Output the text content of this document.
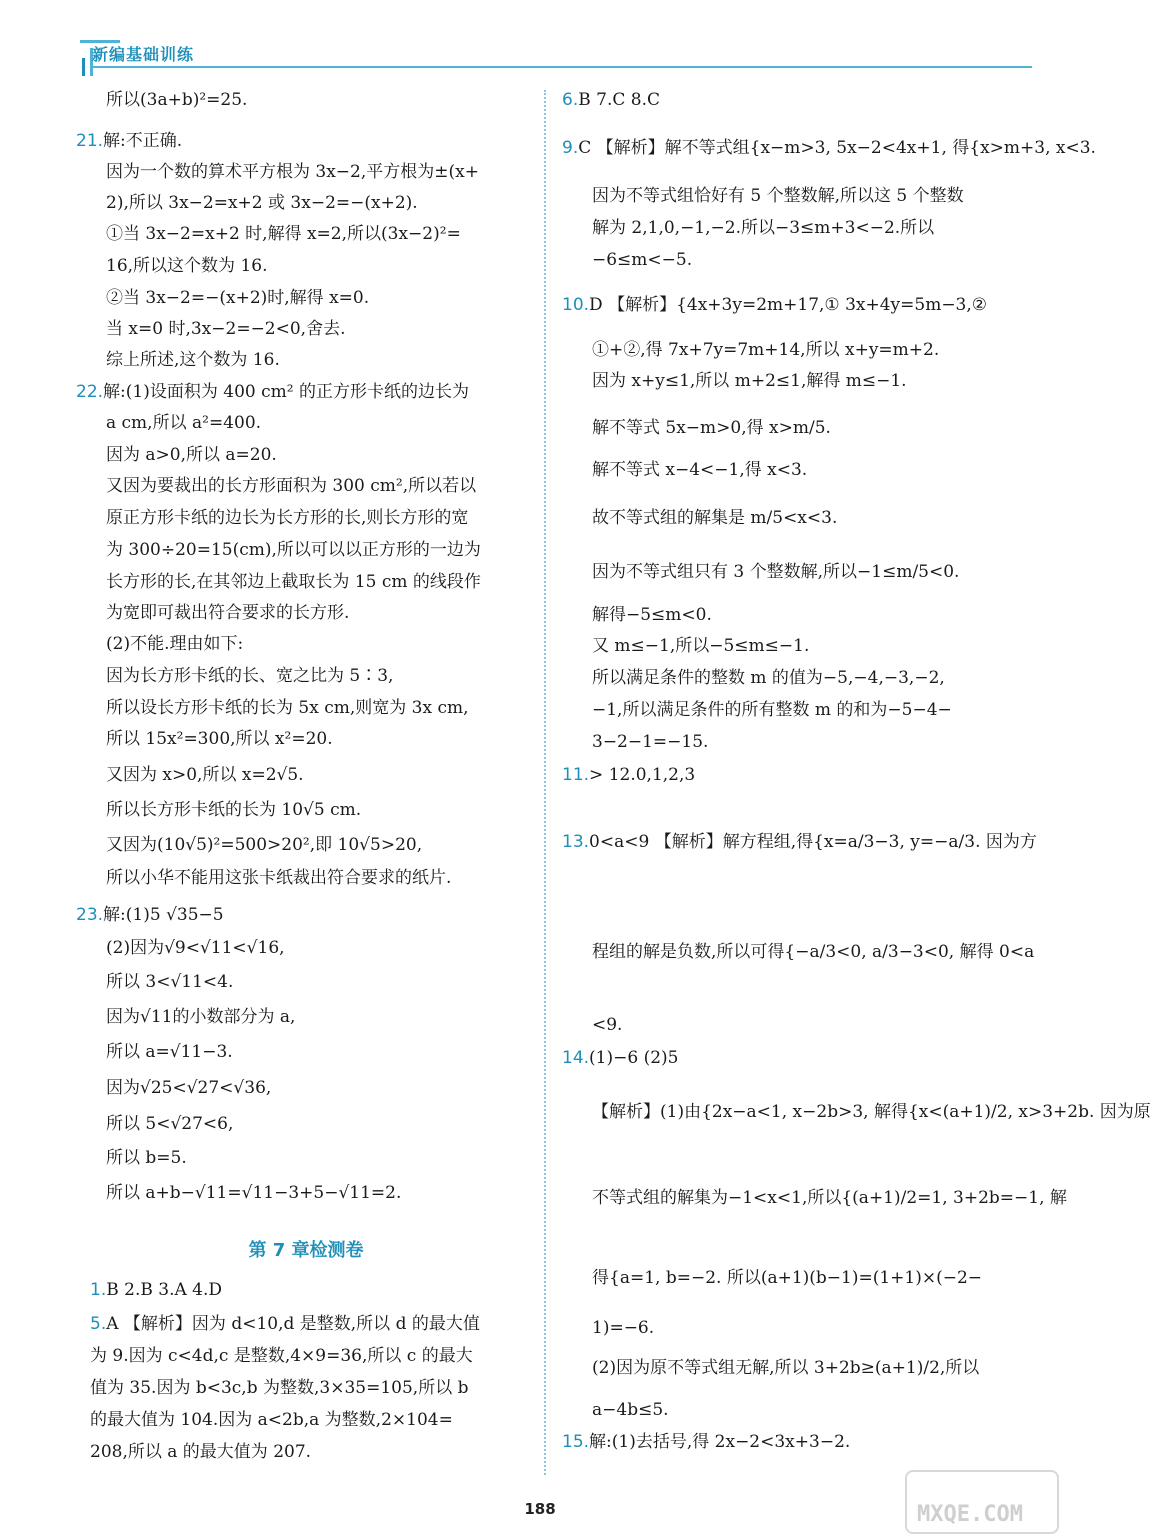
新编基础训练
所以(3a+b)²=25.
21.解:不正确.
因为一个数的算术平方根为 3x−2,平方根为±(x+
2),所以 3x−2=x+2 或 3x−2=−(x+2).
①当 3x−2=x+2 时,解得 x=2,所以(3x−2)²=
16,所以这个数为 16.
②当 3x−2=−(x+2)时,解得 x=0.
当 x=0 时,3x−2=−2<0,舍去.
综上所述,这个数为 16.
22.解:(1)设面积为 400 cm² 的正方形卡纸的边长为
a cm,所以 a²=400.
因为 a>0,所以 a=20.
又因为要裁出的长方形面积为 300 cm²,所以若以
原正方形卡纸的边长为长方形的长,则长方形的宽
为 300÷20=15(cm),所以可以以正方形的一边为
长方形的长,在其邻边上截取长为 15 cm 的线段作
为宽即可裁出符合要求的长方形.
(2)不能.理由如下:
因为长方形卡纸的长、宽之比为 5∶3,
所以设长方形卡纸的长为 5x cm,则宽为 3x cm,
所以 15x²=300,所以 x²=20.
又因为 x>0,所以 x=2√5.
所以长方形卡纸的长为 10√5 cm.
又因为(10√5)²=500>20²,即 10√5>20,
所以小华不能用这张卡纸裁出符合要求的纸片.
23.解:(1)5 √35−5
(2)因为√9<√11<√16,
所以 3<√11<4.
因为√11的小数部分为 a,
所以 a=√11−3.
因为√25<√27<√36,
所以 5<√27<6,
所以 b=5.
所以 a+b−√11=√11−3+5−√11=2.
1.B 2.B 3.A 4.D
5.A 【解析】因为 d<10,d 是整数,所以 d 的最大值
为 9.因为 c<4d,c 是整数,4×9=36,所以 c 的最大
值为 35.因为 b<3c,b 为整数,3×35=105,所以 b
的最大值为 104.因为 a<2b,a 为整数,2×104=
208,所以 a 的最大值为 207.
第 7 章检测卷
6.B 7.C 8.C
9.C 【解析】解不等式组{x−m>3, 5x−2<4x+1, 得{x>m+3, x<3.
因为不等式组恰好有 5 个整数解,所以这 5 个整数
解为 2,1,0,−1,−2.所以−3≤m+3<−2.所以
−6≤m<−5.
10.D 【解析】{4x+3y=2m+17,① 3x+4y=5m−3,②
①+②,得 7x+7y=7m+14,所以 x+y=m+2.
因为 x+y≤1,所以 m+2≤1,解得 m≤−1.
解不等式 5x−m>0,得 x>m/5.
解不等式 x−4<−1,得 x<3.
故不等式组的解集是 m/5<x<3.
因为不等式组只有 3 个整数解,所以−1≤m/5<0.
解得−5≤m<0.
又 m≤−1,所以−5≤m≤−1.
所以满足条件的整数 m 的值为−5,−4,−3,−2,
−1,所以满足条件的所有整数 m 的和为−5−4−
3−2−1=−15.
11.> 12.0,1,2,3
13.0<a<9 【解析】解方程组,得{x=a/3−3, y=−a/3. 因为方
程组的解是负数,所以可得{−a/3<0, a/3−3<0, 解得 0<a
<9.
14.(1)−6 (2)5
【解析】(1)由{2x−a<1, x−2b>3, 解得{x<(a+1)/2, x>3+2b. 因为原
不等式组的解集为−1<x<1,所以{(a+1)/2=1, 3+2b=−1, 解
得{a=1, b=−2. 所以(a+1)(b−1)=(1+1)×(−2−
1)=−6.
(2)因为原不等式组无解,所以 3+2b≥(a+1)/2,所以
a−4b≤5.
15.解:(1)去括号,得 2x−2<3x+3−2.
188	MXQE.COM
